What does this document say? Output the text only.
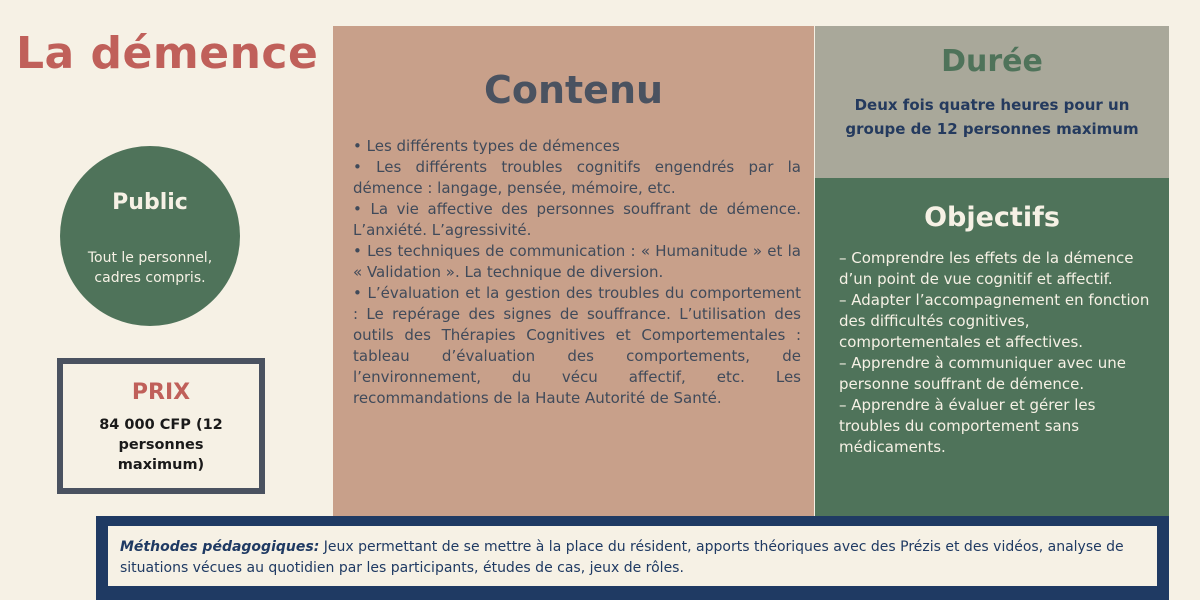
La démence
Public
Tout le personnel, cadres compris.
PRIX
84 000 CFP (12 personnes maximum)
Contenu

• Les différents types de démences

• Les différents troubles cognitifs engendrés par la démence : langage, pensée, mémoire, etc.

• La vie affective des personnes souffrant de démence. L’anxiété. L’agressivité.

• Les techniques de communication : « Humanitude » et la « Validation ». La technique de diversion.

• L’évaluation et la gestion des troubles du comportement : Le repérage des signes de souffrance. L’utilisation des outils des Thérapies Cognitives et Comportementales : tableau d’évaluation des comportements, de l’environnement, du vécu affectif, etc. Les recommandations de la Haute Autorité de Santé.

Durée
Deux fois quatre heures pour un groupe de 12 personnes maximum
Objectifs

– Comprendre les effets de la démence d’un point de vue cognitif et affectif.

– Adapter l’accompagnement en fonction des difficultés cognitives, comportementales et affectives.

– Apprendre à communiquer avec une personne souffrant de démence.

– Apprendre à évaluer et gérer les troubles du comportement sans médicaments.

Méthodes pédagogiques: Jeux permettant de se mettre à la place du résident, apports théoriques avec des Prézis et des vidéos, analyse de situations vécues au quotidien par les participants, études de cas, jeux de rôles.
